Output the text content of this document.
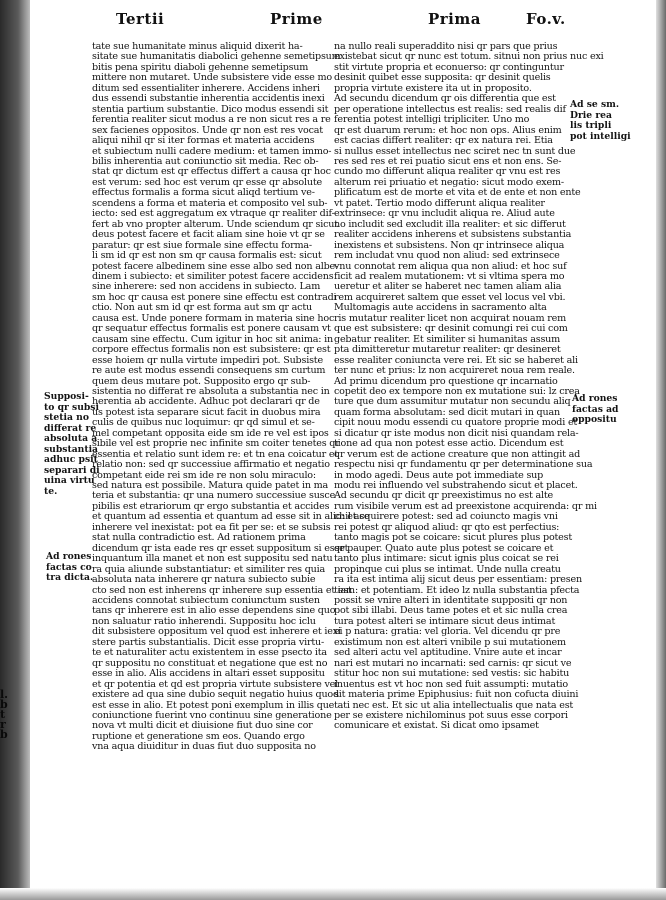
l.
b
t
r
b
Tertii	Prime	Prima	Fo.v.
tate sue humanitate minus aliquid dixerit ha-
sitate sue humanitatis diabolici gehenne semetipsum
bitis pena spiritu diaboli gehenne semetipsum
mittere non mutaret. Unde subsistere vide esse mo
ditum sed essentialiter inherere. Accidens inheri
dus essendi substantie inherentia accidentis inexi
stentia partium substantie. Dico modus essendi sit
ferentia realiter sicut modus a re non sicut res a re
sex facienes oppositos. Unde qr non est res vocat
aliqui nihil qr si iter formas et materia accidens
et subiectum nulli cadere medium: et tamen immo-
bilis inherentia aut coniunctio sit media. Rec ob-
stat qr dictum est qr effectus differt a causa qr hoc
est verum: sed hoc est verum qr esse qr absolute
effectus formalis a forma sicut aliqd tertium ve-
scendens a forma et materia et composito vel sub-
iecto: sed est aggregatum ex vtraque qr realiter dif-
fert ab vno propter alterum. Unde sciendum qr sicut
deus potest facere et facit aliam sine hoie vt qr se
paratur: qr est siue formale sine effectu forma-
li sm id qr est non sm qr causa formalis est: sicut
potest facere albedinem sine esse albo sed non albe-
dinem i subiecto: et similiter potest facere accidens
sine inherere: sed non accidens in subiecto. Lam
sm hoc qr causa est ponere sine effectu est contradi
ctio. Non aut sm id qr est forma aut sm qr actu
causa est. Unde ponere formam in materia sine hoc
qr sequatur effectus formalis est ponere causam vt
causam sine effectu. Cum igitur in hoc sit anima: in
corpore effectus formalis non est subsistere: qr est
esse hoiem qr nulla virtute impediri pot. Subsiste
re aute est modus essendi consequens sm curtum
quem deus mutare pot. Supposito ergo qr sub-
sistentia no differat re absoluta a substantia nec in
herentia ab accidente. Adhuc pot declarari qr de
us potest ista separare sicut facit in duobus mira
culis de quibus nuc loquimur: qr qd simul et se-
mel competant opposita eide sm ide re vel est ipos
sibile vel est proprie nec infinite sm coiter tenetes qr
essentia et relatio sunt idem re: et tn ena coicatur et
relatio non: sed qr successiue affirmatio et negatio
competant eide rei sm ide re non solu miraculo:
sed natura est possibile. Matura quide patet in ma
teria et substantia: qr una numero successiue susce
pibilis est etrariorum qr ergo substantia et accides
et quantum ad essentia et quantum ad esse sit in alio: et se
inherere vel inexistat: pot ea fit per se: et se subsis
stat nulla contradictio est. Ad rationem prima
dicendum qr ista eade res qr esset suppositum si esset
inquantum illa manet et non est suppositu sed natu
ra quia aliunde substantiatur: et similiter res quia
absoluta nata inherere qr natura subiecto subie
cto sed non est inherens qr inherere sup essentia et est
accidens connotat subiectum coniunctum susten
tans qr inherere est in alio esse dependens sine quo
non saluatur ratio inherendi. Suppositu hoc iclu
dit subsistere oppositum vel quod est inherere et iexi
stere partis substantialis. Dicit esse propria virtu-
te et naturaliter actu existentem in esse psecto ita
qr suppositu no constituat et negatione que est no
esse in alio. Alis accidens in altari esset suppositu
et qr potentia et qd est propria virtute subsistere vel
existere ad qua sine dubio sequit negatio huius quod
est esse in alio. Et potest poni exemplum in illis que
coniunctione fuerint vno continuu sine generatione
nova vt multi dicit et diuisione fiut duo sine cor
ruptione et generatione sm eos. Quando ergo
vna aqua diuiditur in duas fiut duo supposita no
na nullo reali superaddito nisi qr pars que prius
existebat sicut qr nunc est totum. sitnui non prius nuc exi
stit virtute propria et econuerso: qr continguntur
desinit quibet esse supposita: qr desinit quelis
propria virtute existere ita ut in proposito.
Ad secundu dicendum qr ois differentia que est
per operatione intellectus est realis: sed realis dif
ferentia potest intelligi tripliciter. Uno mo
qr est duarum rerum: et hoc non ops. Alius enim
est cacias differt realiter: qr ex natura rei. Etia
si nullus esset intellectus nec sciret nec tn sunt due
res sed res et rei puatio sicut ens et non ens. Se-
cundo mo differunt aliqua realiter qr vnu est res
alterum rei priuatio et negatio: sicut modo exem-
plificatum est de morte et vita et de ente et non ente
vt patet. Tertio modo differunt aliqua realiter
extrinsece: qr vnu includit aliqua re. Aliud aute
no includit sed excludit illa realiter: et sic differut
realiter accidens inherens et subsistens substantia
inexistens et subsistens. Non qr intrinsece aliqua
rem includat vnu quod non aliud: sed extrinsece
vnu connotat rem aliqua qua non aliud: et hoc suf
ficit ad realem mutationem: vt si vltima spera mo
ueretur et aliter se haberet nec tamen aliam alia
rem acquireret saltem que esset vel locus vel vbi.
Multomagis aute accidens in sacramento alta
ris mutatur realiter licet non acquirat nouam rem
que est subsistere: qr desinit comungi rei cui com
gebatur realiter. Et similiter si humanitas assum
pta dimitteretur mutaretur realiter: qr desineret
esse realiter coniuncta vere rei. Et sic se haberet ali
ter nunc et prius: lz non acquireret noua rem reale.
Ad primu dicendum pro questione qr incarnatio
copetit deo ex tempore non ex mutatione sui: lz crea
ture que dum assumitur mutatur non secundu aliq
quam forma absolutam: sed dicit mutari in quan
cipit nouu modu essendi cu quatore proprie modi et
si dicatur qr iste modus non dicit nisi quandam rela-
tione ad qua non potest esse actio. Dicendum est
qr verum est de actione creature que non attingit ad
respectu nisi qr fundamentu qr per determinatione sua
in modo agedi. Deus aute pot immediate sup
modu rei influendo vel substrahendo sicut et placet.
Ad secundu qr dicit qr preexistimus no est alte
rum visibile verum est ad preexistone acquirenda: qr mi
chil acquirere potest: sed ad coiuncto magis vni
rei potest qr aliquod aliud: qr qto est perfectius:
tanto magis pot se coicare: sicut plures plus potest
qr pauper. Quato aute plus potest se coicare et
tanto plus intimare: sicut ignis plus coicat se rei
propinque cui plus se intimat. Unde nulla creatu
ra ita est intima alij sicut deus per essentiam: presen
tiam: et potentiam. Et ideo lz nulla substantia pfecta
possit se vnire alteri in identitate suppositi qr non
pot sibi illabi. Deus tame potes et et sic nulla crea
tura potest alteri se intimare sicut deus intimat
ei p natura: gratia: vel gloria. Vel dicendu qr pre
existimum non est alteri vnibile p sui mutationem
sed alteri actu vel aptitudine. Vnire aute et incar
nari est mutari no incarnati: sed carnis: qr sicut ve
stitur hoc non sui mutatione: sed vestis: sic habitu
inuentus est vt hoc non sed fuit assumpti: mutatio
sit materia prime Epiphusius: fuit non cofucta diuini
tati nec est. Et sic ut alia intellectualis que nata est
per se existere nichilominus pot suus esse corpori
comunicare et existat. Si dicat omo ipsamet
Supposi-
to qr subsi
stetia no
differat re
absoluta a
substantia
adhuc psit
separari di
uina virtu
te.
Ad rones
factas co
tra dicta.
Ad se sm.
Drie rea
lis tripli
pot intelligi
Ad rones
factas ad
oppositu
